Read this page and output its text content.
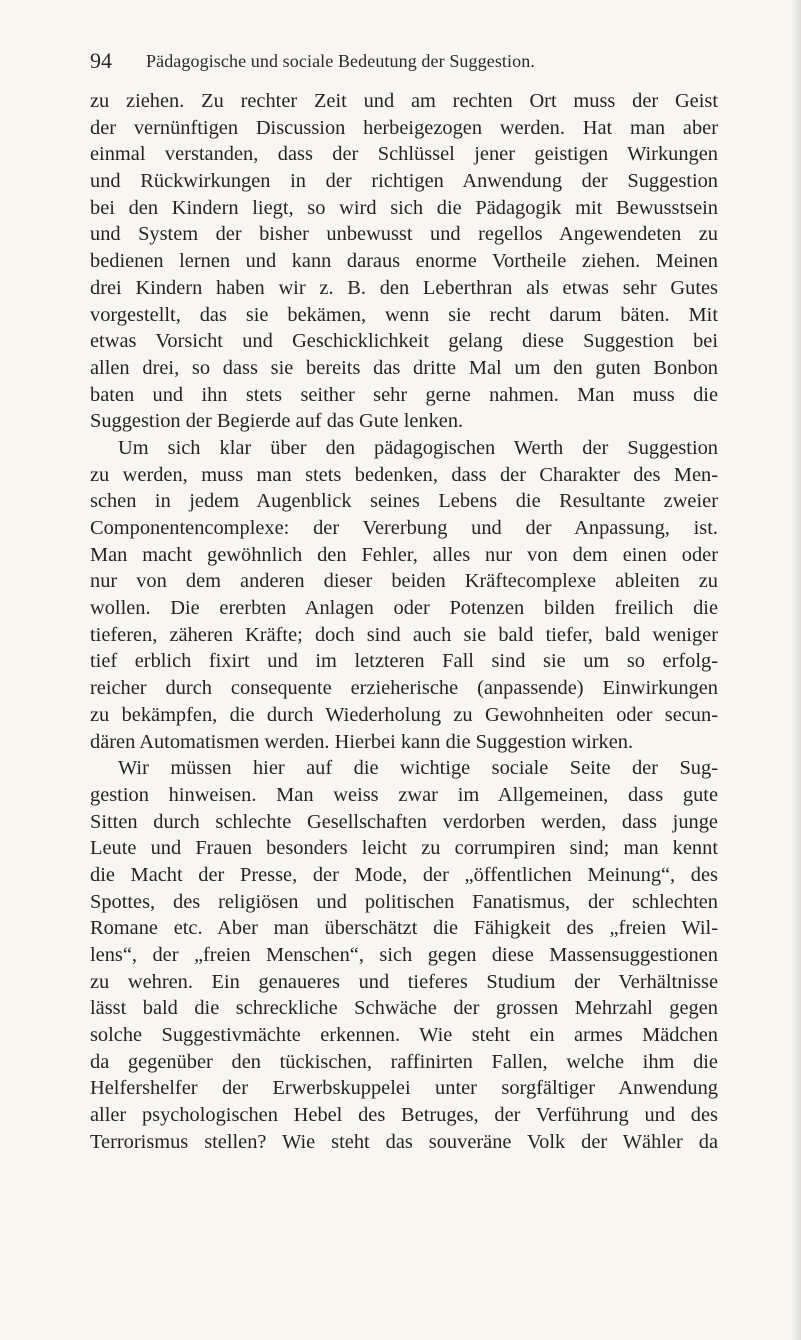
94 Pädagogische und sociale Bedeutung der Suggestion.
zu ziehen. Zu rechter Zeit und am rechten Ort muss der Geist
der vernünftigen Discussion herbeigezogen werden. Hat man aber
einmal verstanden, dass der Schlüssel jener geistigen Wirkungen
und Rückwirkungen in der richtigen Anwendung der Suggestion
bei den Kindern liegt, so wird sich die Pädagogik mit Bewusstsein
und System der bisher unbewusst und regellos Angewendeten zu
bedienen lernen und kann daraus enorme Vortheile ziehen. Meinen
drei Kindern haben wir z. B. den Leberthran als etwas sehr Gutes
vorgestellt, das sie bekämen, wenn sie recht darum bäten. Mit
etwas Vorsicht und Geschicklichkeit gelang diese Suggestion bei
allen drei, so dass sie bereits das dritte Mal um den guten Bonbon
baten und ihn stets seither sehr gerne nahmen. Man muss die
Suggestion der Begierde auf das Gute lenken.
Um sich klar über den pädagogischen Werth der Suggestion
zu werden, muss man stets bedenken, dass der Charakter des Men-
schen in jedem Augenblick seines Lebens die Resultante zweier
Componentencomplexe: der Vererbung und der Anpassung, ist.
Man macht gewöhnlich den Fehler, alles nur von dem einen oder
nur von dem anderen dieser beiden Kräftecomplexe ableiten zu
wollen. Die ererbten Anlagen oder Potenzen bilden freilich die
tieferen, zäheren Kräfte; doch sind auch sie bald tiefer, bald weniger
tief erblich fixirt und im letzteren Fall sind sie um so erfolg-
reicher durch consequente erzieherische (anpassende) Einwirkungen
zu bekämpfen, die durch Wiederholung zu Gewohnheiten oder secun-
dären Automatismen werden. Hierbei kann die Suggestion wirken.
Wir müssen hier auf die wichtige sociale Seite der Sug-
gestion hinweisen. Man weiss zwar im Allgemeinen, dass gute
Sitten durch schlechte Gesellschaften verdorben werden, dass junge
Leute und Frauen besonders leicht zu corrumpiren sind; man kennt
die Macht der Presse, der Mode, der „öffentlichen Meinung“, des
Spottes, des religiösen und politischen Fanatismus, der schlechten
Romane etc. Aber man überschätzt die Fähigkeit des „freien Wil-
lens“, der „freien Menschen“, sich gegen diese Massensuggestionen
zu wehren. Ein genaueres und tieferes Studium der Verhältnisse
lässt bald die schreckliche Schwäche der grossen Mehrzahl gegen
solche Suggestivmächte erkennen. Wie steht ein armes Mädchen
da gegenüber den tückischen, raffinirten Fallen, welche ihm die
Helfershelfer der Erwerbskuppelei unter sorgfältiger Anwendung
aller psychologischen Hebel des Betruges, der Verführung und des
Terrorismus stellen? Wie steht das souveräne Volk der Wähler da
